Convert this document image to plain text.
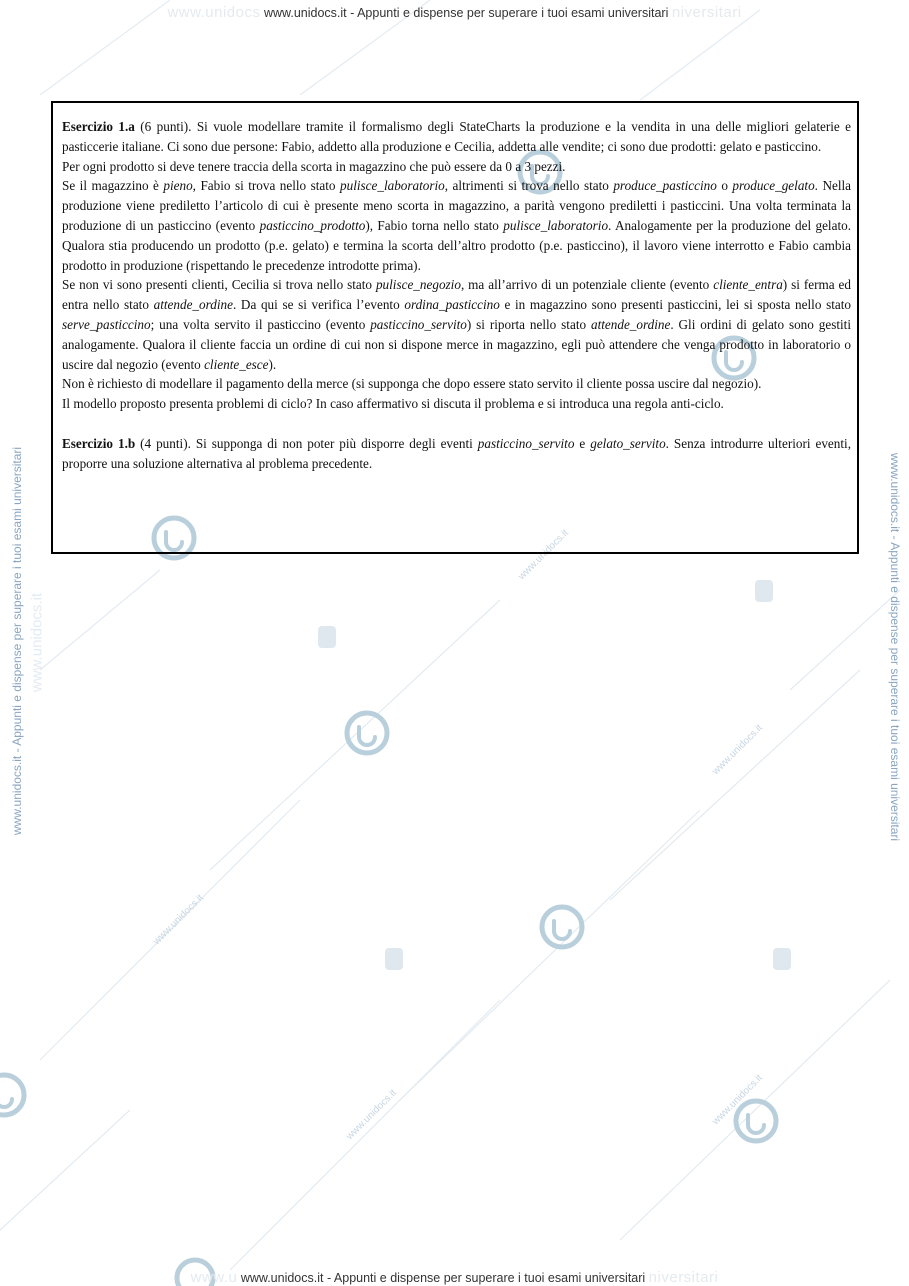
www.unidocs.it
www.unidocs.it
www.unidocs.it
www.unidocs.it	www.unidocs.it
www.unidocs www.unidocs.it - Appunti e dispense per superare i tuoi esami universitari niversitari
www.unidocs.it
www.unidocs.it - Appunti e dispense per superare i tuoi esami universitari	www.unidocs.it - Appunti e dispense per superare i tuoi esami universitari

Esercizio 1.a (6 punti). Si vuole modellare tramite il formalismo degli StateCharts la produzione e la vendita in una delle migliori gelaterie e pasticcerie italiane. Ci sono due persone: Fabio, addetto alla produzione e Cecilia, addetta alle vendite; ci sono due prodotti: gelato e pasticcino.

Per ogni prodotto si deve tenere traccia della scorta in magazzino che può essere da 0 a 3 pezzi.

Se il magazzino è pieno, Fabio si trova nello stato pulisce_laboratorio, altrimenti si trova nello stato produce_pasticcino o produce_gelato. Nella produzione viene prediletto l’articolo di cui è presente meno scorta in magazzino, a parità vengono prediletti i pasticcini. Una volta terminata la produzione di un pasticcino (evento pasticcino_prodotto), Fabio torna nello stato pulisce_laboratorio. Analogamente per la produzione del gelato. Qualora stia producendo un prodotto (p.e. gelato) e termina la scorta dell’altro prodotto (p.e. pasticcino), il lavoro viene interrotto e Fabio cambia prodotto in produzione (rispettando le precedenze introdotte prima).

Se non vi sono presenti clienti, Cecilia si trova nello stato pulisce_negozio, ma all’arrivo di un potenziale cliente (evento cliente_entra) si ferma ed entra nello stato attende_ordine. Da qui se si verifica l’evento ordina_pasticcino e in magazzino sono presenti pasticcini, lei si sposta nello stato serve_pasticcino; una volta servito il pasticcino (evento pasticcino_servito) si riporta nello stato attende_ordine. Gli ordini di gelato sono gestiti analogamente. Qualora il cliente faccia un ordine di cui non si dispone merce in magazzino, egli può attendere che venga prodotto in laboratorio o uscire dal negozio (evento cliente_esce).

Non è richiesto di modellare il pagamento della merce (si supponga che dopo essere stato servito il cliente possa uscire dal negozio).

Il modello proposto presenta problemi di ciclo? In caso affermativo si discuta il problema e si introduca una regola anti-ciclo.

Esercizio 1.b (4 punti). Si supponga di non poter più disporre degli eventi pasticcino_servito e gelato_servito. Senza introdurre ulteriori eventi, proporre una soluzione alternativa al problema precedente.

www.u www.unidocs.it - Appunti e dispense per superare i tuoi esami universitari niversitari
